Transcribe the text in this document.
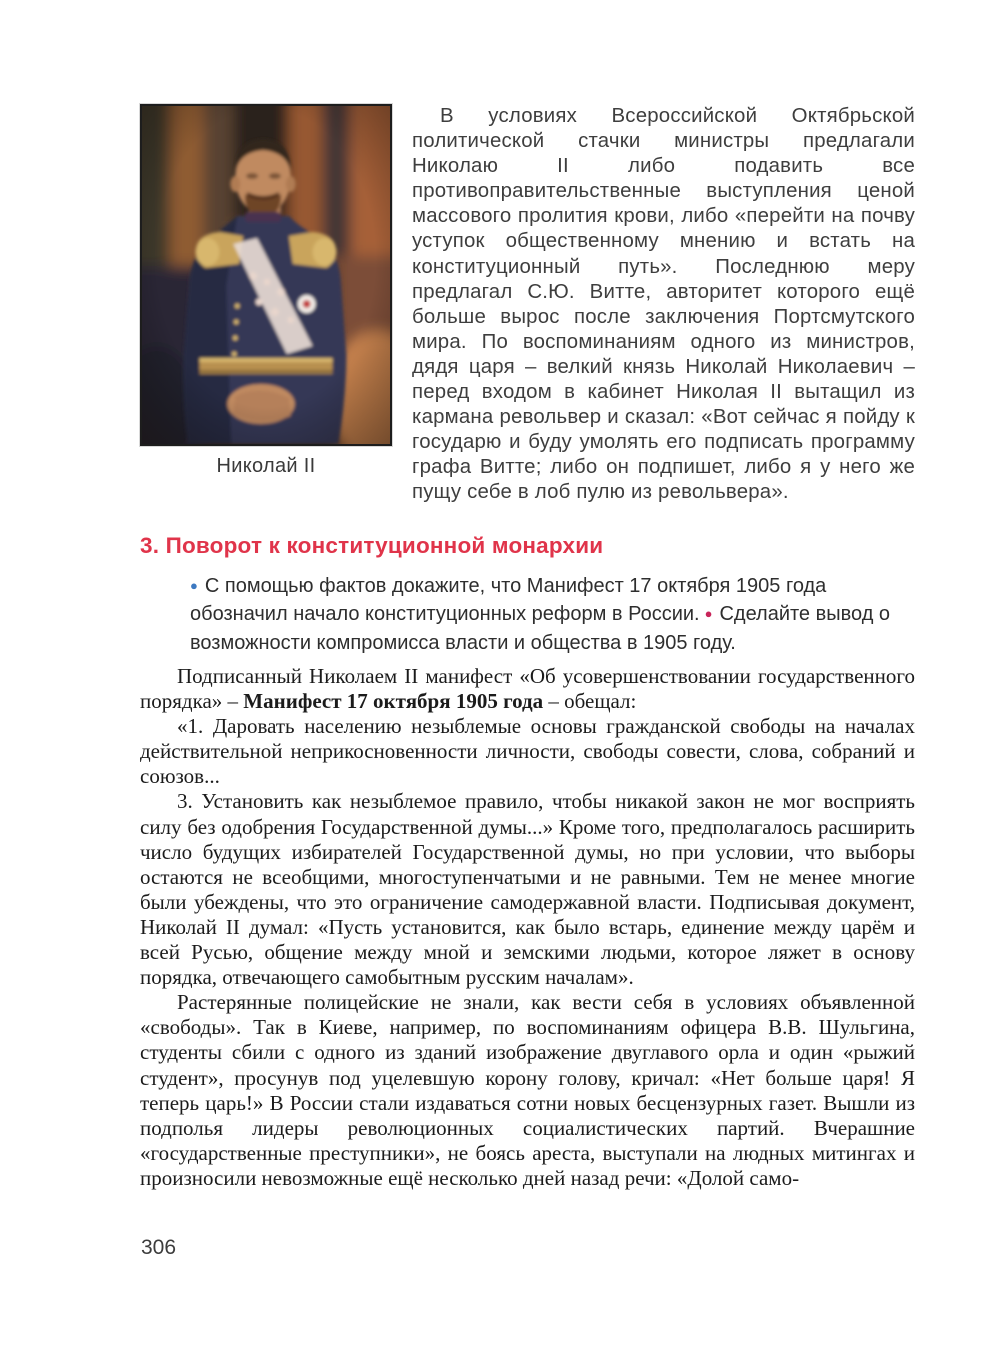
Николай II

В условиях Всероссийской Октябрьской политической стачки министры предлагали Николаю II либо подавить все противоправительственные выступления ценой массового пролития крови, либо «перейти на почву уступок общественному мнению и встать на конституционный путь». Последнюю меру предлагал С.Ю. Витте, авторитет которого ещё больше вырос после заключения Портсмутского мира. По воспоминаниям одного из министров, дядя царя – велкий князь Николай Николаевич – перед входом в кабинет Николая II вытащил из кармана револьвер и сказал: «Вот сейчас я пойду к государю и буду умолять его подписать программу графа Витте; либо он подпишет, либо я у него же пущу себе в лоб пулю из револьвера».

3. Поворот к конституционной монархии

● С помощью фактов докажите, что Манифест 17 октября 1905 года обозначил начало конституционных реформ в России. ● Сделайте вывод о возможности компромисса власти и общества в 1905 году.

Подписанный Николаем II манифест «Об усовершенствовании государственного порядка» – Манифест 17 октября 1905 года – обещал:

«1. Даровать населению незыблемые основы гражданской свободы на началах действительной неприкосновенности личности, свободы совести, слова, собраний и союзов...

3. Установить как незыблемое правило, чтобы никакой закон не мог восприять силу без одобрения Государственной думы...» Кроме того, предполагалось расширить число будущих избирателей Государственной думы, но при условии, что выборы остаются не всеобщими, многоступенчатыми и не равными. Тем не менее многие были убеждены, что это ограничение самодержавной власти. Подписывая документ, Николай II думал: «Пусть установится, как было встарь, единение между царём и всей Русью, общение между мной и земскими людьми, которое ляжет в основу порядка, отвечающего самобытным русским началам».

Растерянные полицейские не знали, как вести себя в условиях объявленной «свободы». Так в Киеве, например, по воспоминаниям офицера В.В. Шульгина, студенты сбили с одного из зданий изображение двуглавого орла и один «рыжий студент», просунув под уцелевшую корону голову, кричал: «Нет больше царя! Я теперь царь!» В России стали издаваться сотни новых бесцензурных газет. Вышли из подполья лидеры революционных социалистических партий. Вчерашние «государственные преступники», не боясь ареста, выступали на людных митингах и произносили невозможные ещё несколько дней назад речи: «Долой само-

306
